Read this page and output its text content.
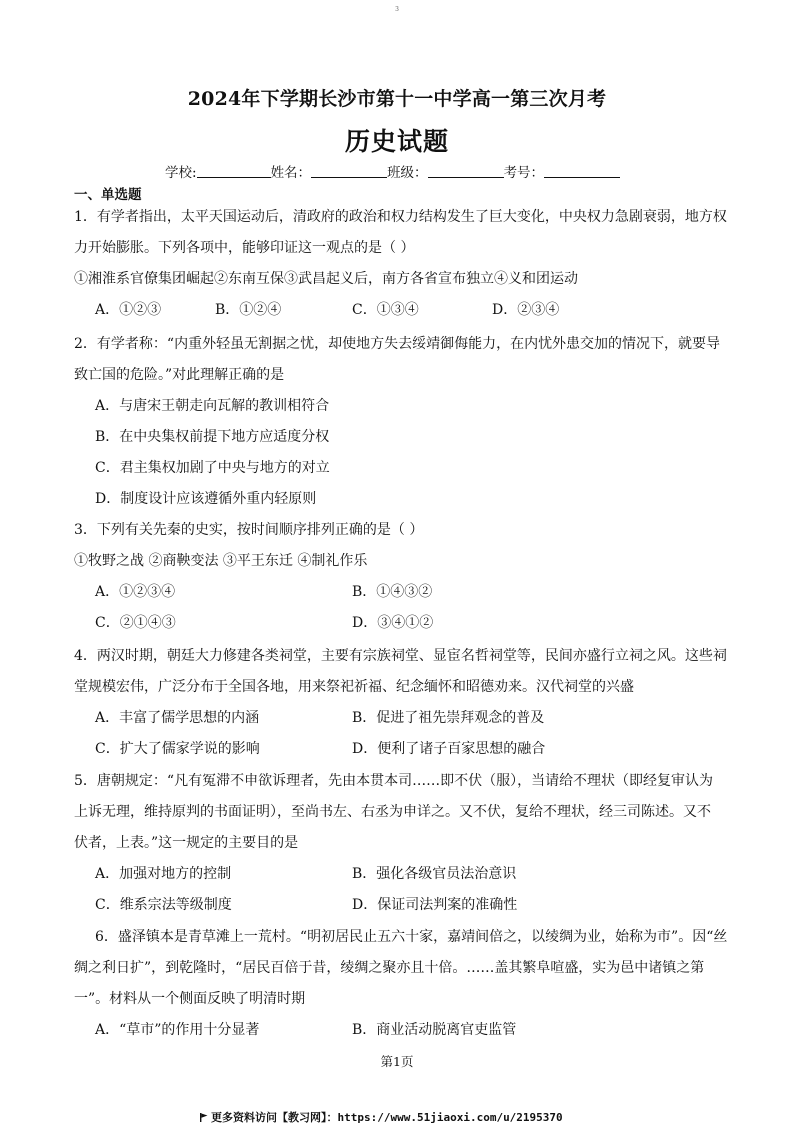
3
2024年下学期长沙市第十一中学高一第三次月考
历史试题
学校:	姓名：	班级：	考号：
一、单选题
1．有学者指出，太平天国运动后，清政府的政治和权力结构发生了巨大变化，中央权力急剧衰弱，地方权
力开始膨胀。下列各项中，能够印证这一观点的是（ ）
①湘淮系官僚集团崛起②东南互保③武昌起义后，南方各省宣布独立④义和团运动
A．①②③	B．①②④	C．①③④	D．②③④
2．有学者称：“内重外轻虽无割据之忧，却使地方失去绥靖御侮能力，在内忧外患交加的情况下，就要导
致亡国的危险。”对此理解正确的是
A．与唐宋王朝走向瓦解的教训相符合
B．在中央集权前提下地方应适度分权
C．君主集权加剧了中央与地方的对立
D．制度设计应该遵循外重内轻原则
3．下列有关先秦的史实，按时间顺序排列正确的是（ ）
①牧野之战 ②商鞅变法 ③平王东迁 ④制礼作乐
A．①②③④	B．①④③②
C．②①④③	D．③④①②
4．两汉时期，朝廷大力修建各类祠堂，主要有宗族祠堂、显宦名哲祠堂等，民间亦盛行立祠之风。这些祠
堂规模宏伟，广泛分布于全国各地，用来祭祀祈福、纪念缅怀和昭德劝来。汉代祠堂的兴盛
A．丰富了儒学思想的内涵	B．促进了祖先崇拜观念的普及
C．扩大了儒家学说的影响	D．便利了诸子百家思想的融合
5．唐朝规定：“凡有冤滞不申欲诉理者，先由本贯本司……即不伏（服），当请给不理状（即经复审认为
上诉无理，维持原判的书面证明），至尚书左、右丞为申详之。又不伏，复给不理状，经三司陈述。又不
伏者，上表。”这一规定的主要目的是
A．加强对地方的控制	B．强化各级官员法治意识
C．维系宗法等级制度	D．保证司法判案的准确性
6．盛泽镇本是青草滩上一荒村。“明初居民止五六十家，嘉靖间倍之，以绫绸为业，始称为市”。因“丝
绸之利日扩”，到乾隆时，“居民百倍于昔，绫绸之聚亦且十倍。……盖其繁阜喧盛，实为邑中诸镇之第
一”。材料从一个侧面反映了明清时期
A．“草市”的作用十分显著	B．商业活动脱离官吏监管
第1页
更多资料访问【教习网】：https://www.51jiaoxi.com/u/2195370
